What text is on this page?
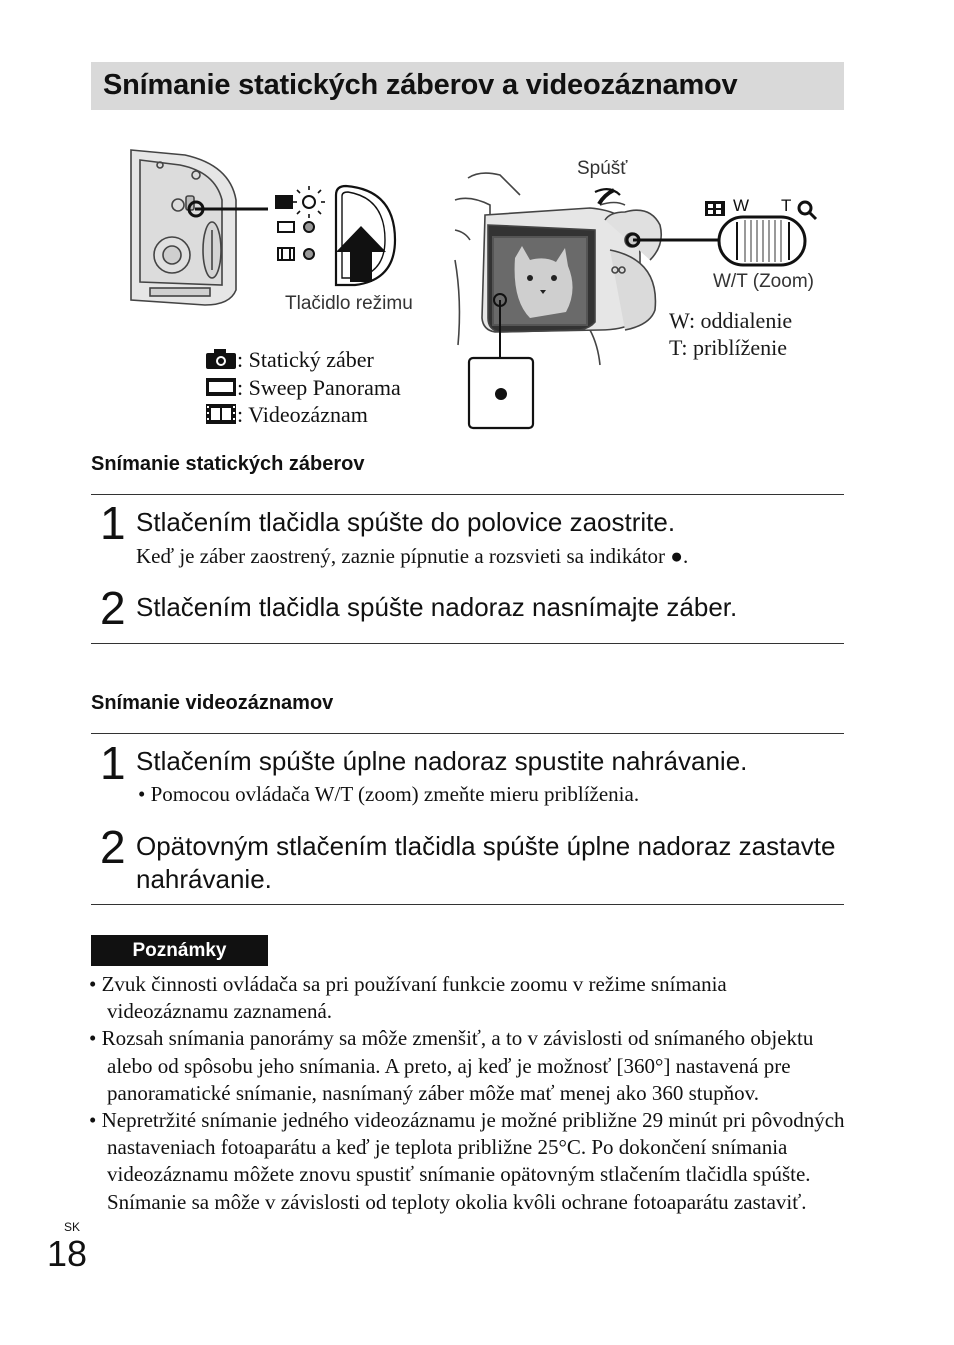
Snímanie statických záberov a videozáznamov
Tlačidlo režimu
Spúšť
W T
W/T (Zoom)
W: oddialenie
T: priblíženie
: Statický záber
: Sweep Panorama
: Videozáznam
Snímanie statických záberov
1 Stlačením tlačidla spúšte do polovice zaostrite.
Keď je záber zaostrený, zaznie pípnutie a rozsvieti sa indikátor ●.
2 Stlačením tlačidla spúšte nadoraz nasnímajte záber.
Snímanie videozáznamov
1 Stlačením spúšte úplne nadoraz spustite nahrávanie.
• Pomocou ovládača W/T (zoom) zmeňte mieru priblíženia.
2 Opätovným stlačením tlačidla spúšte úplne nadoraz zastavte nahrávanie.
Poznámky
• Zvuk činnosti ovládača sa pri používaní funkcie zoomu v režime snímania videozáznamu zaznamená.
• Rozsah snímania panorámy sa môže zmenšiť, a to v závislosti od snímaného objektu alebo od spôsobu jeho snímania. A preto, aj keď je možnosť [360°] nastavená pre panoramatické snímanie, nasnímaný záber môže mať menej ako 360 stupňov.
• Nepretržité snímanie jedného videozáznamu je možné približne 29 minút pri pôvodných nastaveniach fotoaparátu a keď je teplota približne 25°C. Po dokončení snímania videozáznamu môžete znovu spustiť snímanie opätovným stlačením tlačidla spúšte. Snímanie sa môže v závislosti od teploty okolia kvôli ochrane fotoaparátu zastaviť.
SK
18
